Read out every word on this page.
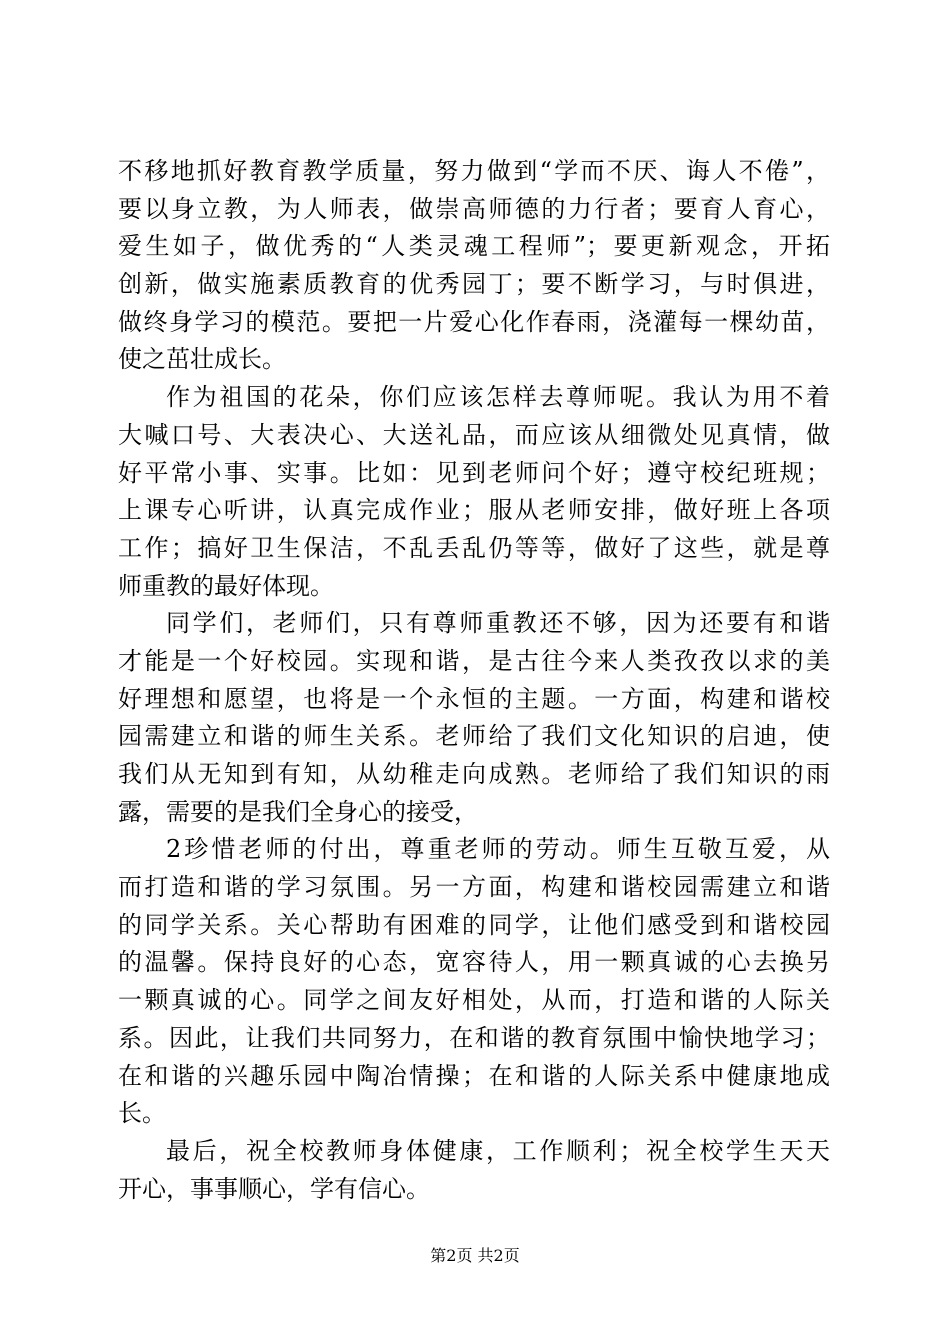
不移地抓好教育教学质量，努力做到“学而不厌、诲人不倦”，
要以身立教，为人师表，做崇高师德的力行者；要育人育心，
爱生如子，做优秀的“人类灵魂工程师”；要更新观念，开拓
创新，做实施素质教育的优秀园丁；要不断学习，与时俱进，
做终身学习的模范。要把一片爱心化作春雨，浇灌每一棵幼苗，
使之茁壮成长。
作为祖国的花朵，你们应该怎样去尊师呢。我认为用不着
大喊口号、大表决心、大送礼品，而应该从细微处见真情，做
好平常小事、实事。比如：见到老师问个好；遵守校纪班规；
上课专心听讲，认真完成作业；服从老师安排，做好班上各项
工作；搞好卫生保洁，不乱丢乱仍等等，做好了这些，就是尊
师重教的最好体现。
同学们，老师们，只有尊师重教还不够，因为还要有和谐
才能是一个好校园。实现和谐，是古往今来人类孜孜以求的美
好理想和愿望，也将是一个永恒的主题。一方面，构建和谐校
园需建立和谐的师生关系。老师给了我们文化知识的启迪，使
我们从无知到有知，从幼稚走向成熟。老师给了我们知识的雨
露，需要的是我们全身心的接受，
2珍惜老师的付出，尊重老师的劳动。师生互敬互爱，从
而打造和谐的学习氛围。另一方面，构建和谐校园需建立和谐
的同学关系。关心帮助有困难的同学，让他们感受到和谐校园
的温馨。保持良好的心态，宽容待人，用一颗真诚的心去换另
一颗真诚的心。同学之间友好相处，从而，打造和谐的人际关
系。因此，让我们共同努力，在和谐的教育氛围中愉快地学习；
在和谐的兴趣乐园中陶冶情操；在和谐的人际关系中健康地成
长。
最后，祝全校教师身体健康，工作顺利；祝全校学生天天
开心，事事顺心，学有信心。
第2页 共2页
